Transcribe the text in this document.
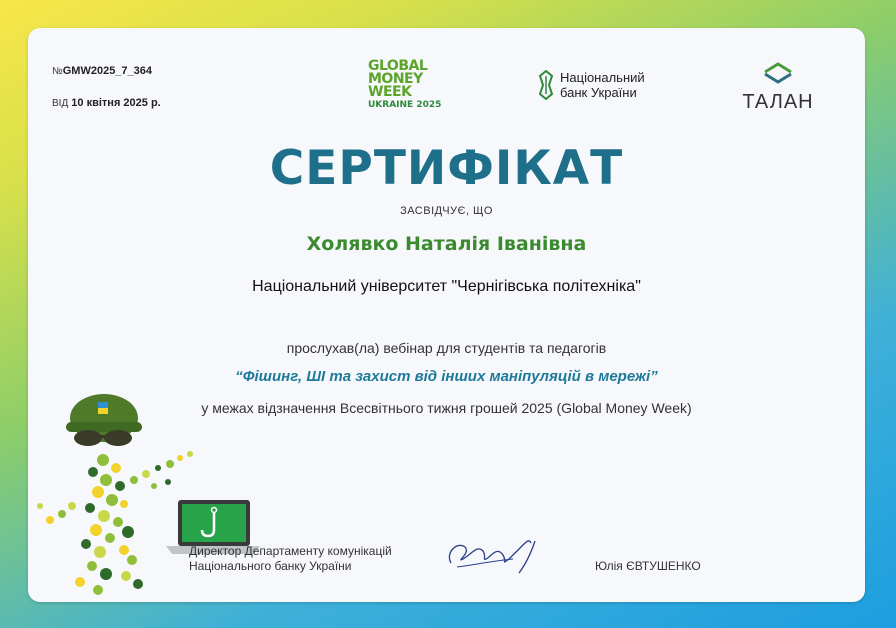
№GMW2025_7_364
ВІД 10 квітня 2025 р.
GLOBAL
MONEY
WEEK
UKRAINE 2025
Національний
банк України	ТАЛАН
СЕРТИФІКАТ
ЗАСВІДЧУЄ, ЩО
Холявко Наталія Іванівна
Національний університет "Чернігівська політехніка"
прослухав(ла) вебінар для студентів та педагогів
“Фішинг, ШІ та захист від інших маніпуляцій в мережі”
у межах відзначення Всесвітнього тижня грошей 2025 (Global Money Week)
Директор Департаменту комунікацій
Національного банку України	Юлія ЄВТУШЕНКО
